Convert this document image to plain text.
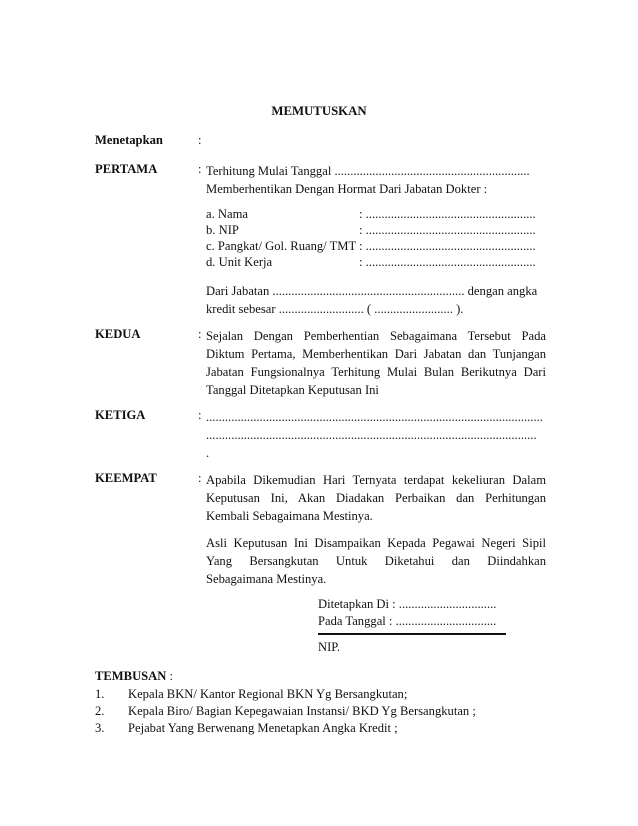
MEMUTUSKAN
Menetapkan	:
PERTAMA	: Terhitung Mulai Tanggal ..............................................................
Memberhentikan Dengan Hormat Dari Jabatan Dokter :
a. Nama	: ......................................................
b. NIP	: ......................................................
c. Pangkat/ Gol. Ruang/ TMT : ......................................................
d. Unit Kerja	: ......................................................
Dari Jabatan ............................................................. dengan angka
kredit sebesar ........................... ( ......................... ).
KEDUA	: Sejalan Dengan Pemberhentian Sebagaimana Tersebut Pada
Diktum Pertama, Memberhentikan Dari Jabatan dan Tunjangan
Jabatan Fungsionalnya Terhitung Mulai Bulan Berikutnya Dari
Tanggal Ditetapkan Keputusan Ini
KETIGA	: ...........................................................................................................
.........................................................................................................
.
KEEMPAT	: Apabila Dikemudian Hari Ternyata terdapat kekeliuran Dalam
Keputusan Ini, Akan Diadakan Perbaikan dan Perhitungan
Kembali Sebagaimana Mestinya.
Asli Keputusan Ini Disampaikan Kepada Pegawai Negeri Sipil
Yang Bersangkutan Untuk Diketahui dan Diindahkan
Sebagaimana Mestinya.
Ditetapkan Di : ...............................
Pada Tanggal : ................................
NIP.
TEMBUSAN :
1. Kepala BKN/ Kantor Regional BKN Yg Bersangkutan;
2. Kepala Biro/ Bagian Kepegawaian Instansi/ BKD Yg Bersangkutan ;
3. Pejabat Yang Berwenang Menetapkan Angka Kredit ;
